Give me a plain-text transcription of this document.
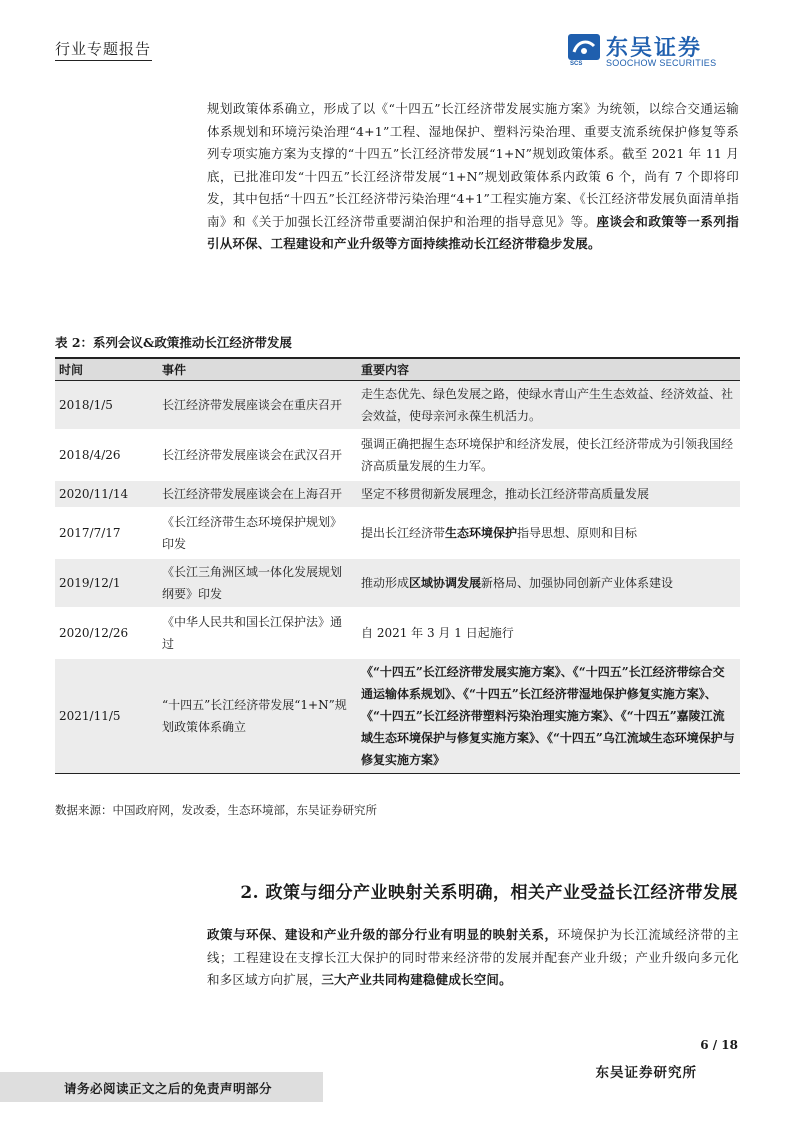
行业专题报告
SCS
东吴证券
SOOCHOW SECURITIES
规划政策体系确立，形成了以《“十四五”长江经济带发展实施方案》为统领，以综合交通运输体系规划和环境污染治理“4+1”工程、湿地保护、塑料污染治理、重要支流系统保护修复等系列专项实施方案为支撑的“十四五”长江经济带发展“1+N”规划政策体系。截至 2021 年 11 月底，已批准印发“十四五”长江经济带发展“1+N”规划政策体系内政策 6 个，尚有 7 个即将印发，其中包括“十四五”长江经济带污染治理“4+1”工程实施方案、《长江经济带发展负面清单指南》和《关于加强长江经济带重要湖泊保护和治理的指导意见》等。座谈会和政策等一系列指引从环保、工程建设和产业升级等方面持续推动长江经济带稳步发展。
表 2：系列会议&政策推动长江经济带发展
时间	事件	重要内容
2018/1/5	长江经济带发展座谈会在重庆召开	走生态优先、绿色发展之路，使绿水青山产生生态效益、经济效益、社会效益，使母亲河永葆生机活力。
2018/4/26	长江经济带发展座谈会在武汉召开	强调正确把握生态环境保护和经济发展，使长江经济带成为引领我国经济高质量发展的生力军。
2020/11/14	长江经济带发展座谈会在上海召开	坚定不移贯彻新发展理念，推动长江经济带高质量发展
2017/7/17	《长江经济带生态环境保护规划》印发	提出长江经济带生态环境保护指导思想、原则和目标
2019/12/1	《长江三角洲区域一体化发展规划纲要》印发	推动形成区域协调发展新格局、加强协同创新产业体系建设
2020/12/26	《中华人民共和国长江保护法》通过	自 2021 年 3 月 1 日起施行
2021/11/5	“十四五”长江经济带发展“1+N”规划政策体系确立	《“十四五”长江经济带发展实施方案》、《“十四五”长江经济带综合交通运输体系规划》、《“十四五”长江经济带湿地保护修复实施方案》、《“十四五”长江经济带塑料污染治理实施方案》、《“十四五”嘉陵江流域生态环境保护与修复实施方案》、《“十四五”乌江流域生态环境保护与修复实施方案》
数据来源：中国政府网，发改委，生态环境部，东吴证券研究所
2. 政策与细分产业映射关系明确，相关产业受益长江经济带发展
政策与环保、建设和产业升级的部分行业有明显的映射关系，环境保护为长江流域经济带的主线；工程建设在支撑长江大保护的同时带来经济带的发展并配套产业升级；产业升级向多元化和多区域方向扩展，三大产业共同构建稳健成长空间。
6 / 18
东吴证券研究所
请务必阅读正文之后的免责声明部分
